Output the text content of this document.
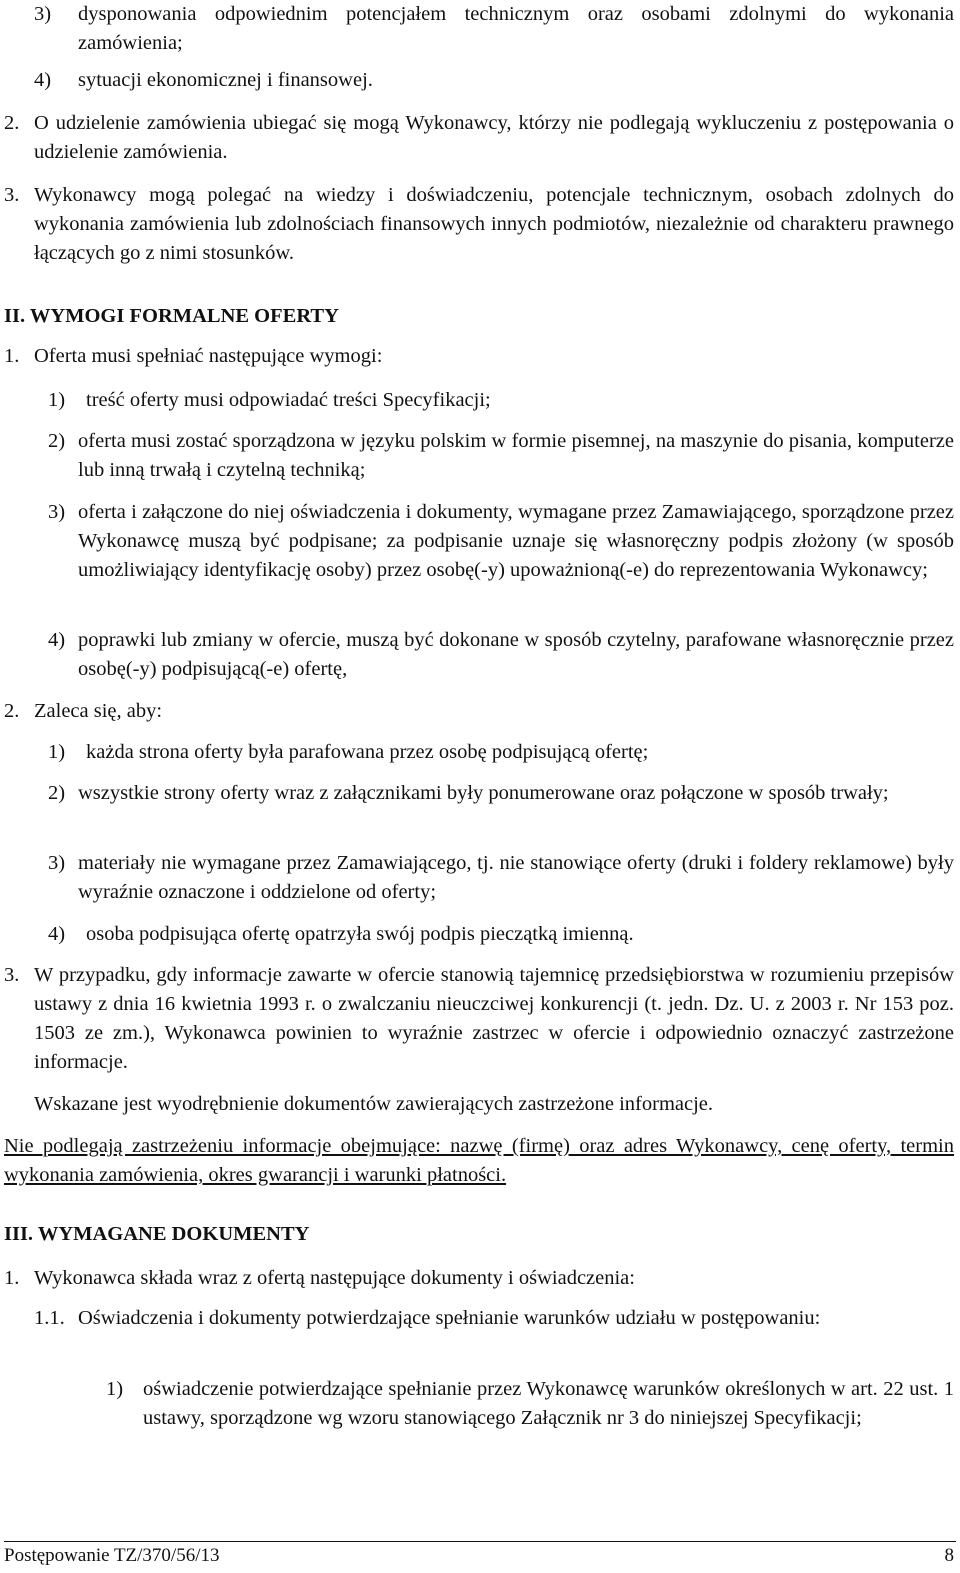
3)	dysponowania odpowiednim potencjałem technicznym oraz osobami zdolnymi do wykonania zamówienia;
4)	sytuacji ekonomicznej i finansowej.
2. O udzielenie zamówienia ubiegać się mogą Wykonawcy, którzy nie podlegają wykluczeniu z postępowania o udzielenie zamówienia.
3. Wykonawcy mogą polegać na wiedzy i doświadczeniu, potencjale technicznym, osobach zdolnych do wykonania zamówienia lub zdolnościach finansowych innych podmiotów, niezależnie od charakteru prawnego łączących go z nimi stosunków.
II. WYMOGI FORMALNE OFERTY
1. Oferta musi spełniać następujące wymogi:
1)	treść oferty musi odpowiadać treści Specyfikacji;
2) oferta musi zostać sporządzona w języku polskim w formie pisemnej, na maszynie do pisania, komputerze lub inną trwałą i czytelną techniką;
3) oferta i załączone do niej oświadczenia i dokumenty, wymagane przez Zamawiającego, sporządzone przez Wykonawcę muszą być podpisane; za podpisanie uznaje się własnoręczny podpis złożony (w sposób umożliwiający identyfikację osoby) przez osobę(-y) upoważnioną(-e) do reprezentowania Wykonawcy;
4) poprawki lub zmiany w ofercie, muszą być dokonane w sposób czytelny, parafowane własnoręcznie przez osobę(-y) podpisującą(-e) ofertę,
2. Zaleca się, aby:
1)	każda strona oferty była parafowana przez osobę podpisującą ofertę;
2) wszystkie strony oferty wraz z załącznikami były ponumerowane oraz połączone w sposób trwały;
3) materiały nie wymagane przez Zamawiającego, tj. nie stanowiące oferty (druki i foldery reklamowe) były wyraźnie oznaczone i oddzielone od oferty;
4)	osoba podpisująca ofertę opatrzyła swój podpis pieczątką imienną.
3. W przypadku, gdy informacje zawarte w ofercie stanowią tajemnicę przedsiębiorstwa w rozumieniu przepisów ustawy z dnia 16 kwietnia 1993 r. o zwalczaniu nieuczciwej konkurencji (t. jedn. Dz. U. z 2003 r. Nr 153 poz. 1503 ze zm.), Wykonawca powinien to wyraźnie zastrzec w ofercie i odpowiednio oznaczyć zastrzeżone informacje.
Wskazane jest wyodrębnienie dokumentów zawierających zastrzeżone informacje.
Nie podlegają zastrzeżeniu informacje obejmujące: nazwę (firmę) oraz adres Wykonawcy, cenę oferty, termin wykonania zamówienia, okres gwarancji i warunki płatności.
III. WYMAGANE DOKUMENTY
1. Wykonawca składa wraz z ofertą następujące dokumenty i oświadczenia:
1.1. Oświadczenia i dokumenty potwierdzające spełnianie warunków udziału w postępowaniu:
1) oświadczenie potwierdzające spełnianie przez Wykonawcę warunków określonych w art. 22 ust. 1 ustawy, sporządzone wg wzoru stanowiącego Załącznik nr 3 do niniejszej Specyfikacji;
Postępowanie TZ/370/56/13	8
